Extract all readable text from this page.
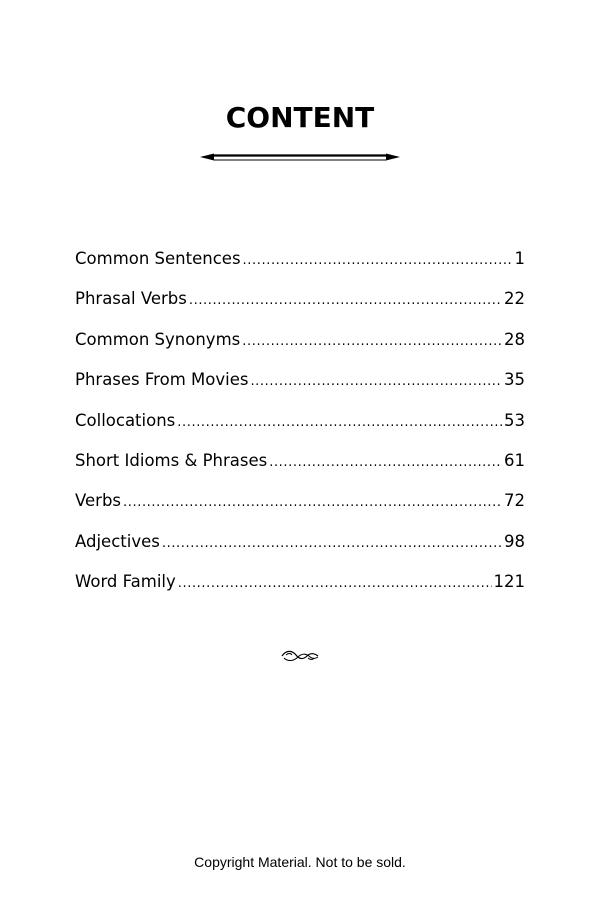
CONTENT
Common Sentences .....	1
Phrasal Verbs .....	22
Common Synonyms .....	28
Phrases From Movies .....	35
Collocations .....	53
Short Idioms & Phrases .....	61
Verbs .....	72
Adjectives .....	98
Word Family .....	121
Copyright Material. Not to be sold.
